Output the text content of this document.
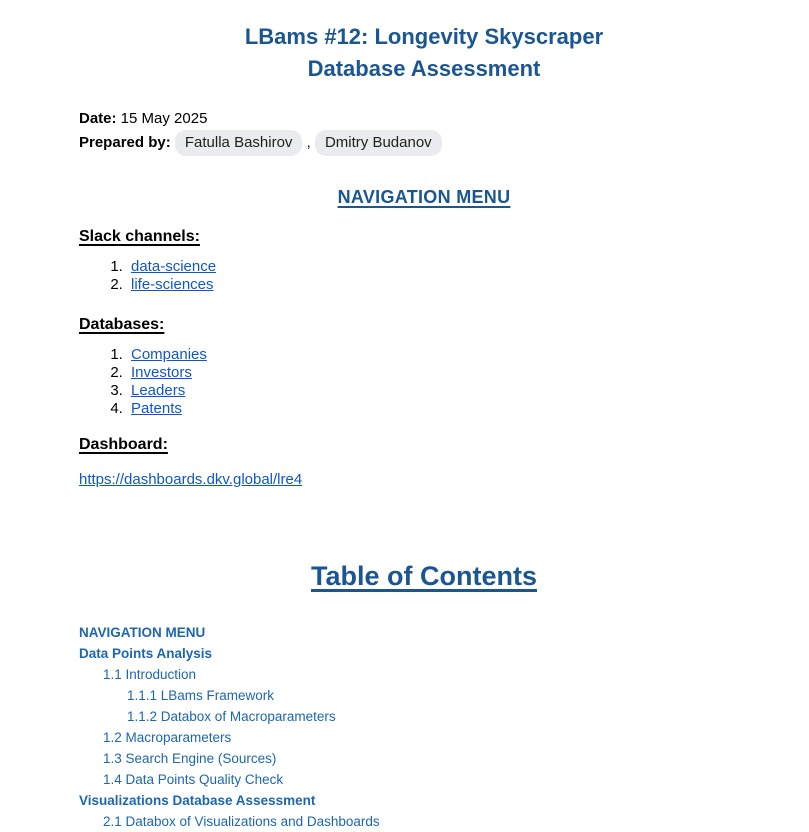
LBams #12: Longevity Skyscraper
Database Assessment

Date: 15 May 2025

Prepared by: Fatulla Bashirov , Dmitry Budanov

NAVIGATION MENU
Slack channels:
1. data-science
2. life-sciences
Databases:
1. Companies
2. Investors
3. Leaders
4. Patents
Dashboard:
https://dashboards.dkv.global/lre4
Table of Contents
NAVIGATION MENU
Data Points Analysis
1.1 Introduction
1.1.1 LBams Framework
1.1.2 Databox of Macroparameters
1.2 Macroparameters
1.3 Search Engine (Sources)
1.4 Data Points Quality Check
Visualizations Database Assessment
2.1 Databox of Visualizations and Dashboards
